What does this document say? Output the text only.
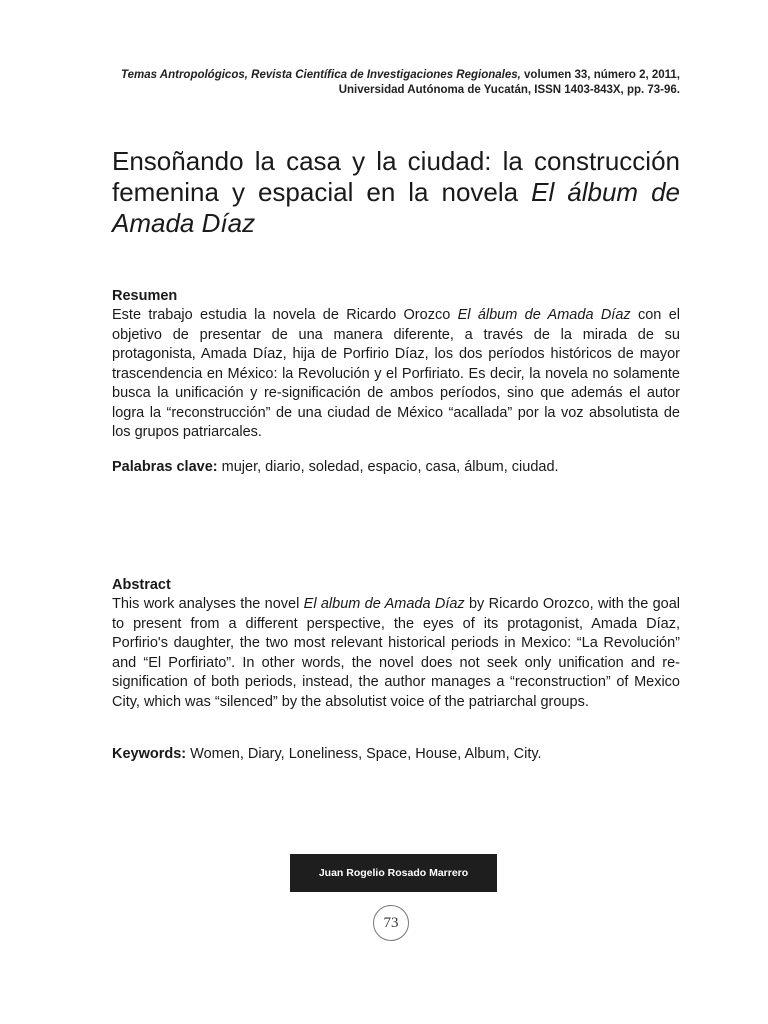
Temas Antropológicos, Revista Científica de Investigaciones Regionales, volumen 33, número 2, 2011,
Universidad Autónoma de Yucatán, ISSN 1403-843X, pp. 73-96.
Ensoñando la casa y la ciudad: la construcción femenina y espacial en la novela El álbum de Amada Díaz
Resumen

Este trabajo estudia la novela de Ricardo Orozco El álbum de Amada Díaz con el objetivo de presentar de una manera diferente, a través de la mirada de su protagonista, Amada Díaz, hija de Porfirio Díaz, los dos períodos históricos de mayor trascendencia en México: la Revolución y el Porfiriato. Es decir, la novela no solamente busca la unificación y re-significación de ambos períodos, sino que además el autor logra la “reconstrucción” de una ciudad de México “acallada” por la voz absolutista de los grupos patriarcales.

Palabras clave: mujer, diario, soledad, espacio, casa, álbum, ciudad.

Abstract

This work analyses the novel El album de Amada Díaz by Ricardo Orozco, with the goal to present from a different perspective, the eyes of its protagonist, Amada Díaz, Porfirio's daughter, the two most relevant historical periods in Mexico: “La Revolución” and “El Porfiriato”. In other words, the novel does not seek only unification and re-signification of both periods, instead, the author manages a “reconstruction” of Mexico City, which was “silenced” by the absolutist voice of the patriarchal groups.

Keywords: Women, Diary, Loneliness, Space, House, Album, City.

Juan Rogelio Rosado Marrero
73
